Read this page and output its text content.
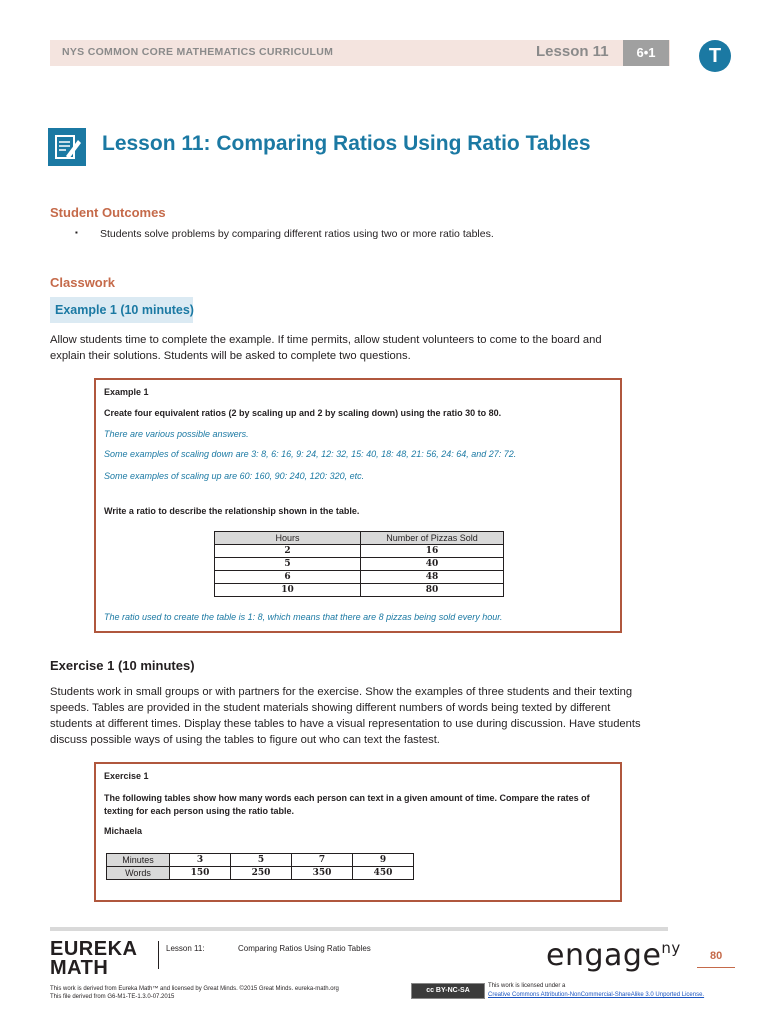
NYS COMMON CORE MATHEMATICS CURRICULUM	Lesson 11	6•1	T
Lesson 11: Comparing Ratios Using Ratio Tables
Student Outcomes
▪ Students solve problems by comparing different ratios using two or more ratio tables.
Classwork
Example 1 (10 minutes)
Allow students time to complete the example. If time permits, allow student volunteers to come to the board and
explain their solutions. Students will be asked to complete two questions.
Example 1
Create four equivalent ratios (2 by scaling up and 2 by scaling down) using the ratio 30 to 80.
There are various possible answers.
Some examples of scaling down are 3: 8, 6: 16, 9: 24, 12: 32, 15: 40, 18: 48, 21: 56, 24: 64, and 27: 72.
Some examples of scaling up are 60: 160, 90: 240, 120: 320, etc.
Write a ratio to describe the relationship shown in the table.
Hours	Number of Pizzas Sold
2	16
5	40
6	48
10	80
The ratio used to create the table is 1: 8, which means that there are 8 pizzas being sold every hour.
Exercise 1 (10 minutes)
Students work in small groups or with partners for the exercise. Show the examples of three students and their texting
speeds. Tables are provided in the student materials showing different numbers of words being texted by different
students at different times. Display these tables to have a visual representation to use during discussion. Have students
discuss possible ways of using the tables to figure out who can text the fastest.
Exercise 1
The following tables show how many words each person can text in a given amount of time. Compare the rates of
texting for each person using the ratio table.
Michaela
Minutes	3	5	7	9
Words	150	250	350	450
EUREKA
MATH
Lesson 11:	Comparing Ratios Using Ratio Tables	engage$^{ny}$	80
This work is derived from Eureka Math™ and licensed by Great Minds. ©2015 Great Minds. eureka-math.org
This file derived from G6-M1-TE-1.3.0-07.2015
cc BY-NC-SA
This work is licensed under a
Creative Commons Attribution-NonCommercial-ShareAlike 3.0 Unported License.
